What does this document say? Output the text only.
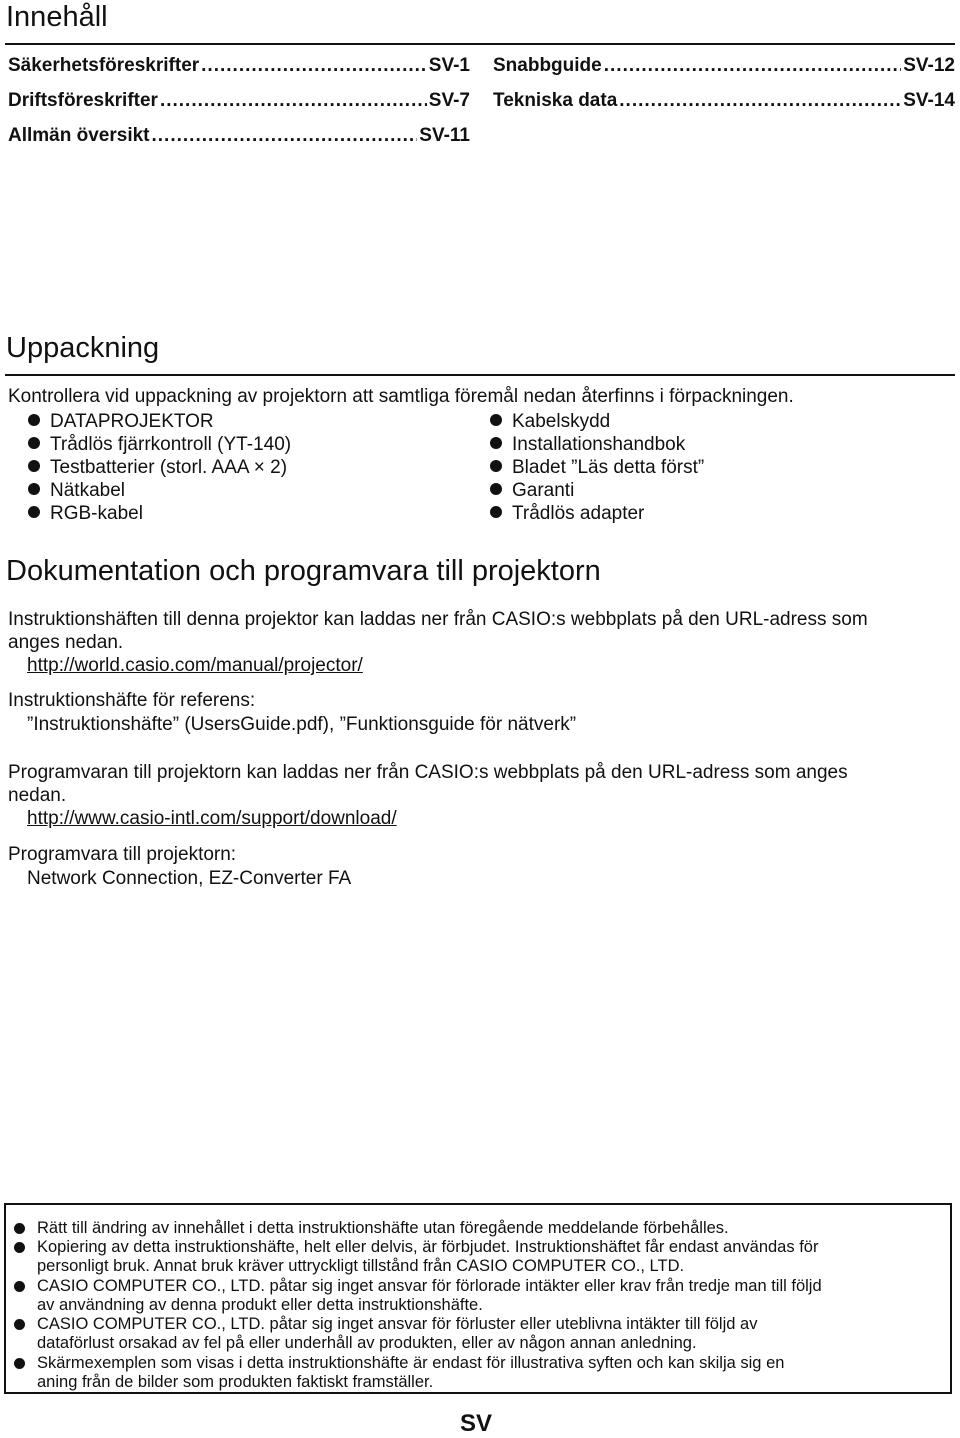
Innehåll
Säkerhetsföreskrifter .....	SV-1
Driftsföreskrifter .....	SV-7
Allmän översikt .....	SV-11
Snabbguide .....	SV-12
Tekniska data .....	SV-14
Uppackning
Kontrollera vid uppackning av projektorn att samtliga föremål nedan återfinns i förpackningen.
DATAPROJEKTOR
Trådlös fjärrkontroll (YT-140)
Testbatterier (storl. AAA × 2)
Nätkabel
RGB-kabel
Kabelskydd
Installationshandbok
Bladet ”Läs detta först”
Garanti
Trådlös adapter
Dokumentation och programvara till projektorn
Instruktionshäften till denna projektor kan laddas ner från CASIO:s webbplats på den URL-adress som
anges nedan.
http://world.casio.com/manual/projector/
Instruktionshäfte för referens:
”Instruktionshäfte” (UsersGuide.pdf), ”Funktionsguide för nätverk”
Programvaran till projektorn kan laddas ner från CASIO:s webbplats på den URL-adress som anges
nedan.
http://www.casio-intl.com/support/download/
Programvara till projektorn:
Network Connection, EZ-Converter FA
Rätt till ändring av innehållet i detta instruktionshäfte utan föregående meddelande förbehålles.
Kopiering av detta instruktionshäfte, helt eller delvis, är förbjudet. Instruktionshäftet får endast användas för
personligt bruk. Annat bruk kräver uttryckligt tillstånd från CASIO COMPUTER CO., LTD.
CASIO COMPUTER CO., LTD. påtar sig inget ansvar för förlorade intäkter eller krav från tredje man till följd
av användning av denna produkt eller detta instruktionshäfte.
CASIO COMPUTER CO., LTD. påtar sig inget ansvar för förluster eller uteblivna intäkter till följd av
dataförlust orsakad av fel på eller underhåll av produkten, eller av någon annan anledning.
Skärmexemplen som visas i detta instruktionshäfte är endast för illustrativa syften och kan skilja sig en
aning från de bilder som produkten faktiskt framställer.
SV
